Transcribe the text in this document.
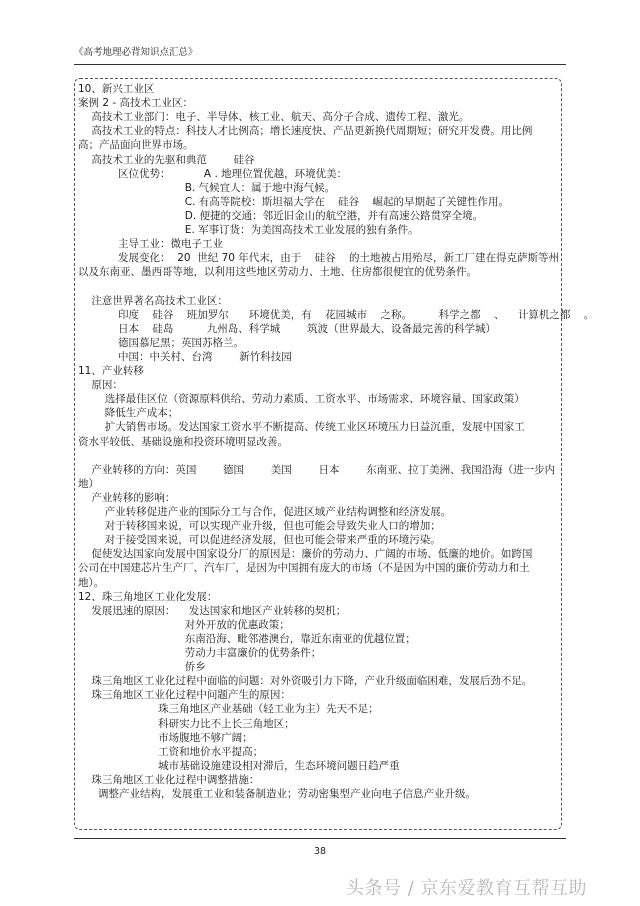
《高考地理必背知识点汇总》
10、新兴工业区
案例 2 - 高技术工业区：
高技术工业部门：电子、半导体、核工业、航天、高分子合成、遗传工程、激光。
高技术工业的特点：科技人才比例高；增长速度快、产品更新换代周期短；研究开发费。用比例
高；产品面向世界市场。
高技术工业的先驱和典范        硅谷
区位优势：          A . 地理位置优越，环境优美：
B. 气候宜人：属于地中海气候。
C. 有高等院校：斯坦福大学在    硅谷    崛起的早期起了关键性作用。
D. 便捷的交通：邻近旧金山的航空港，并有高速公路贯穿全境。
E. 军事订货：为美国高技术工业发展的独有条件。
主导工业：微电子工业
发展变化：  20  世纪 70 年代末，由于    硅谷    的土地被占用殆尽，新工厂建在得克萨斯等州
以及东南亚、墨西哥等地，以利用这些地区劳动力、土地、住房都很便宜的优势条件。
注意世界著名高技术工业区：
印度    硅谷    班加罗尔      环境优美，有    花园城市    之称。        科学之都    、    计算机之都    。
日本    硅岛          九州岛、科学城        筑波（世界最大、设备最完善的科学城）
德国慕尼黑；英国苏格兰。
中国：中关村、台湾        新竹科技园
11、产业转移
原因：
选择最佳区位（资源原料供给、劳动力素质、工资水平、市场需求、环境容量、国家政策）
降低生产成本；
扩大销售市场。发达国家工资水平不断提高、传统工业区环境压力日益沉重，发展中国家工
资水平较低、基础设施和投资环境明显改善。
产业转移的方向：英国        德国        美国        日本        东南亚、拉丁美洲、我国沿海（进一步内
地）
产业转移的影响：
产业转移促进产业的国际分工与合作，促进区域产业结构调整和经济发展。
对于转移国来说，可以实现产业升级，但也可能会导致失业人口的增加；
对于接受国来说，可以促进经济发展，但也可能会带来严重的环境污染。
促使发达国家向发展中国家设分厂的原因是：廉价的劳动力、广阔的市场、低廉的地价。如跨国
公司在中国建芯片生产厂、汽车厂，是因为中国拥有庞大的市场（不是因为中国的廉价劳动力和土
地）。
12、珠三角地区工业化发展：
发展迅速的原因：    发达国家和地区产业转移的契机；
对外开放的优惠政策；
东南沿海、毗邻港澳台，靠近东南亚的优越位置；
劳动力丰富廉价的优势条件；
侨乡
珠三角地区工业化过程中面临的问题：对外资吸引力下降，产业升级面临困难，发展后劲不足。
珠三角地区工业化过程中问题产生的原因：
珠三角地区产业基础（轻工业为主）先天不足；
科研实力比不上长三角地区；
市场腹地不够广阔；
工资和地价水平提高；
城市基础设施建设相对滞后，生态环境问题日趋严重
珠三角地区工业化过程中调整措施：
调整产业结构，发展重工业和装备制造业；劳动密集型产业向电子信息产业升级。
38
头条号 / 京东爱教育互帮互助
